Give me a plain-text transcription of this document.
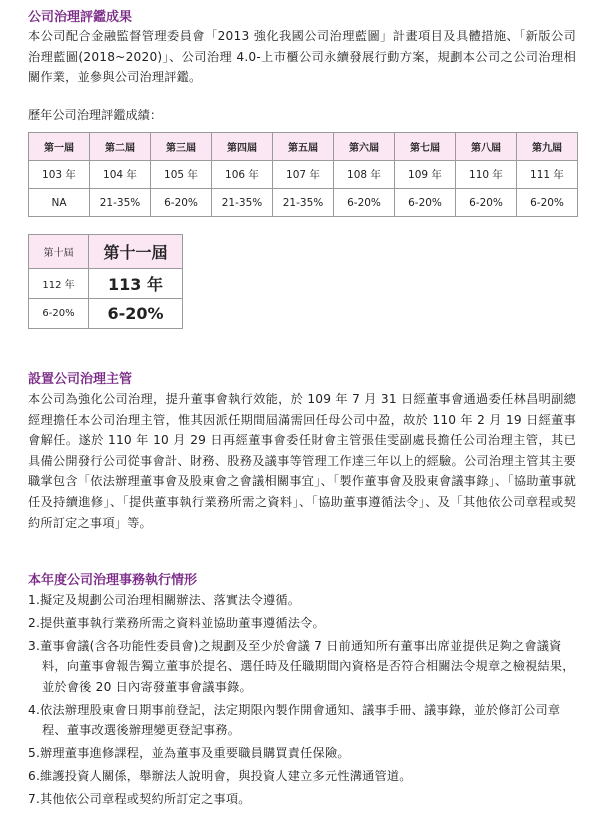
公司治理評鑑成果

本公司配合金融監督管理委員會「2013 強化我國公司治理藍圖」計畫項目及具體措施、「新版公司治理藍圖(2018~2020)」、公司治理 4.0-上市櫃公司永續發展行動方案，規劃本公司之公司治理相關作業，並參與公司治理評鑑。

歷年公司治理評鑑成績：

第一屆	第二屆	第三屆	第四屆	第五屆	第六屆	第七屆	第八屆	第九屆
103 年	104 年	105 年	106 年	107 年	108 年	109 年	110 年	111 年
NA	21-35%	6-20%	21-35%	21-35%	6-20%	6-20%	6-20%	6-20%
第十屆	第十一屆
112 年	113 年
6-20%	6-20%
設置公司治理主管

本公司為強化公司治理，提升董事會執行效能，於 109 年 7 月 31 日經董事會通過委任林昌明副總經理擔任本公司治理主管，惟其因派任期間屆滿需回任母公司中盈，故於 110 年 2 月 19 日經董事會解任。遂於 110 年 10 月 29 日再經董事會委任財會主管張佳雯副處長擔任公司治理主管，其已具備公開發行公司從事會計、財務、股務及議事等管理工作達三年以上的經驗。公司治理主管其主要職掌包含「依法辦理董事會及股東會之會議相關事宜」、「製作董事會及股東會議事錄」、「協助董事就任及持續進修」、「提供董事執行業務所需之資料」、「協助董事遵循法令」、及「其他依公司章程或契約所訂定之事項」等。

本年度公司治理事務執行情形
1.擬定及規劃公司治理相關辦法、落實法令遵循。
2.提供董事執行業務所需之資料並協助董事遵循法令。
3.董事會議(含各功能性委員會)之規劃及至少於會議 7 日前通知所有董事出席並提供足夠之會議資料，向董事會報告獨立董事於提名、選任時及任職期間內資格是否符合相關法令規章之檢視結果，並於會後 20 日內寄發董事會議事錄。
4.依法辦理股東會日期事前登記，法定期限內製作開會通知、議事手冊、議事錄，並於修訂公司章程、董事改選後辦理變更登記事務。
5.辦理董事進修課程，並為董事及重要職員購買責任保險。
6.維護投資人關係，舉辦法人說明會，與投資人建立多元性溝通管道。
7.其他依公司章程或契約所訂定之事項。
